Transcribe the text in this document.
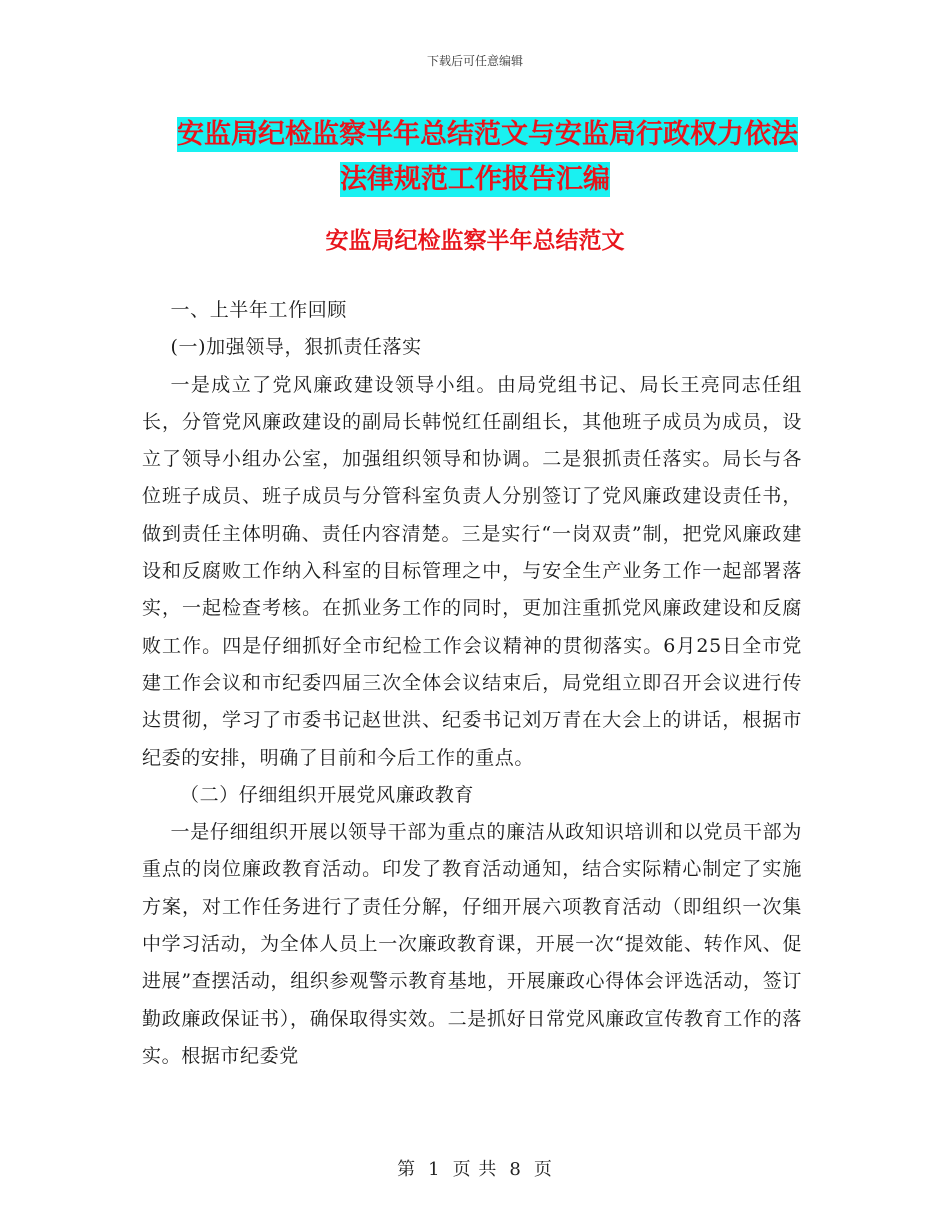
下载后可任意编辑
安监局纪检监察半年总结范文与安监局行政权力依法
法律规范工作报告汇编
安监局纪检监察半年总结范文

一、上半年工作回顾

(一)加强领导，狠抓责任落实

一是成立了党风廉政建设领导小组。由局党组书记、局长王亮同志任组长，分管党风廉政建设的副局长韩悦红任副组长，其他班子成员为成员，设立了领导小组办公室，加强组织领导和协调。二是狠抓责任落实。局长与各位班子成员、班子成员与分管科室负责人分别签订了党风廉政建设责任书，做到责任主体明确、责任内容清楚。三是实行“一岗双责”制，把党风廉政建设和反腐败工作纳入科室的目标管理之中，与安全生产业务工作一起部署落实，一起检查考核。在抓业务工作的同时，更加注重抓党风廉政建设和反腐败工作。四是仔细抓好全市纪检工作会议精神的贯彻落实。6月25日全市党建工作会议和市纪委四届三次全体会议结束后，局党组立即召开会议进行传达贯彻，学习了市委书记赵世洪、纪委书记刘万青在大会上的讲话，根据市纪委的安排，明确了目前和今后工作的重点。

（二）仔细组织开展党风廉政教育

一是仔细组织开展以领导干部为重点的廉洁从政知识培训和以党员干部为重点的岗位廉政教育活动。印发了教育活动通知，结合实际精心制定了实施方案，对工作任务进行了责任分解，仔细开展六项教育活动（即组织一次集中学习活动，为全体人员上一次廉政教育课，开展一次“提效能、转作风、促进展”查摆活动，组织参观警示教育基地，开展廉政心得体会评选活动，签订勤政廉政保证书），确保取得实效。二是抓好日常党风廉政宣传教育工作的落实。根据市纪委党

第 1 页 共 8 页
